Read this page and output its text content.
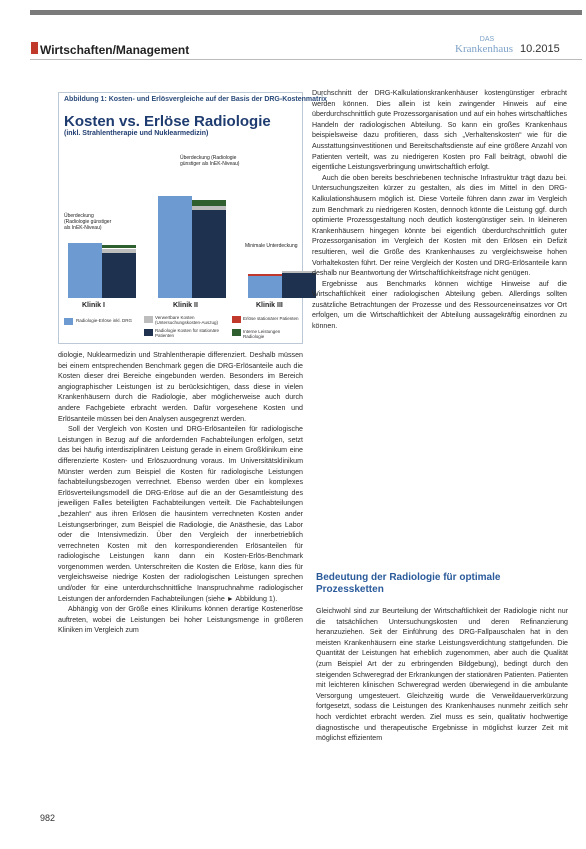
Wirtschaften/Management
DAS
Krankenhaus 10.2015
Abbildung 1: Kosten- und Erlösvergleiche auf der Basis der DRG-Kostenmatrix
Kosten vs. Erlöse Radiologie
(inkl. Strahlentherapie und Nuklearmedizin)
Überdeckung (Radiologie günstiger als InEK-Niveau)
Überdeckung (Radiologie günstiger als InEK-Niveau)
Minimale Unterdeckung
Klinik I	Klinik II	Klinik III
Radiologie-Erlöse inkl. DRG
Verwertbare Kosten (Untersuchungskosten-Auszug)
Radiologie Kosten für stationäre Patienten
Erlöse stationärer Patienten
Interne Leistungen Radiologie

Durchschnitt der DRG-Kalkulationskrankenhäuser kostengünstiger erbracht werden können. Dies allein ist kein zwingender Hinweis auf eine überdurchschnittlich gute Prozessorganisation und auf ein hohes wirtschaftliches Handeln der radiologischen Abteilung. So kann ein großes Krankenhaus beispielsweise dazu profitieren, dass sich „Verhaltenskosten“ wie für die Ausstattungsinvestitionen und Bereitschaftsdienste auf eine größere Anzahl von Patienten verteilt, was zu niedrigeren Kosten pro Fall beiträgt, obwohl die eigentliche Leistungsverbringung unwirtschaftlich erfolgt.

Auch die oben bereits beschriebenen technische Infrastruktur trägt dazu bei. Untersuchungszeiten kürzer zu gestalten, als dies im Mittel in den DRG-Kalkulationshäusern möglich ist. Diese Vorteile führen dann zwar im Vergleich zum Benchmark zu niedrigeren Kosten, dennoch könnte die Leistung ggf. durch optimierte Prozessgestaltung noch deutlich kostengünstiger sein. In kleineren Krankenhäusern hingegen könnte bei eigentlich überdurchschnittlich guter Prozessorganisation im Vergleich der Kosten mit den Erlösen ein Defizit resultieren, weil die Größe des Krankenhauses zu vergleichsweise hohen Vorhaltekosten führt. Der reine Vergleich der Kosten und DRG-Erlösanteile kann deshalb nur Beantwortung der Wirtschaftlichkeitsfrage nicht genügen.

Ergebnisse aus Benchmarks können wichtige Hinweise auf die Wirtschaftlichkeit einer radiologischen Abteilung geben. Allerdings sollten zusätzliche Betrachtungen der Prozesse und des Ressourceneinsatzes vor Ort erfolgen, um die Wirtschaftlichkeit der Abteilung aussagekräftig einordnen zu können.

diologie, Nuklearmedizin und Strahlentherapie differenziert. Deshalb müssen bei einem entsprechenden Benchmark gegen die DRG-Erlösanteile auch die Kosten dieser drei Bereiche eingebunden werden. Besonders im Bereich angiographischer Leistungen ist zu berücksichtigen, dass diese in vielen Krankenhäusern durch die Radiologie, aber möglicherweise auch durch andere Fachgebiete erbracht werden. Dafür vorgesehene Kosten und Erlösanteile müssen bei den Analysen ausgegrenzt werden.

Soll der Vergleich von Kosten und DRG-Erlösanteilen für radiologische Leistungen in Bezug auf die anfordernden Fachabteilungen erfolgen, setzt das bei häufig interdisziplinären Leistung gerade in einem Großklinikum eine differenzierte Kosten- und Erlöszuordnung voraus. Im Universitätsklinikum Münster werden zum Beispiel die Kosten für radiologische Leistungen fachabteilungsbezogen verrechnet. Ebenso werden über ein komplexes Erlösverteilungsmodell die DRG-Erlöse auf die an der Gesamtleistung des jeweiligen Falles beteiligten Fachabteilungen verteilt. Die Fachabteilungen „bezahlen“ aus ihren Erlösen die hausintern verrechneten Kosten ander Leistungserbringer, zum Beispiel die Radiologie, die Anästhesie, das Labor oder die Intensivmedizin. Über den Vergleich der innerbetrieblich verrechneten Kosten mit den korrespondierenden Erlösanteilen für radiologische Leistungen kann dann ein Kosten-Erlös-Benchmark vorgenommen werden. Unterschreiten die Kosten die Erlöse, kann dies für vergleichsweise niedrige Kosten der radiologischen Leistungen sprechen und/oder für eine unterdurchschnittliche Inanspruchnahme radiologischer Leistungen der anfordernden Fachabteilungen (siehe ► Abbildung 1).

Abhängig von der Größe eines Klinikums können derartige Kostenerlöse auftreten, wobei die Leistungen bei hoher Leistungsmenge in größeren Kliniken im Vergleich zum

Bedeutung der Radiologie für optimale Prozessketten

Gleichwohl sind zur Beurteilung der Wirtschaftlichkeit der Radiologie nicht nur die tatsächlichen Untersuchungskosten und deren Refinanzierung heranzuziehen. Seit der Einführung des DRG-Fallpauschalen hat in den meisten Krankenhäusern eine starke Leistungsverdichtung stattgefunden. Die Quantität der Leistungen hat erheblich zugenommen, aber auch die Qualität (zum Beispiel Art der zu erbringenden Bildgebung), bedingt durch den steigenden Schweregrad der Erkrankungen der stationären Patienten. Patienten mit leichteren klinischen Schweregrad werden überwiegend in die ambulante Versorgung umgesteuert. Gleichzeitig wurde die Verweildauerverkürzung fortgesetzt, sodass die Leistungen des Krankenhauses nunmehr zeitlich sehr hoch verdichtet erbracht werden. Ziel muss es sein, qualitativ hochwertige diagnostische und therapeutische Ergebnisse in möglichst kurzer Zeit mit möglichst effizientem

982
